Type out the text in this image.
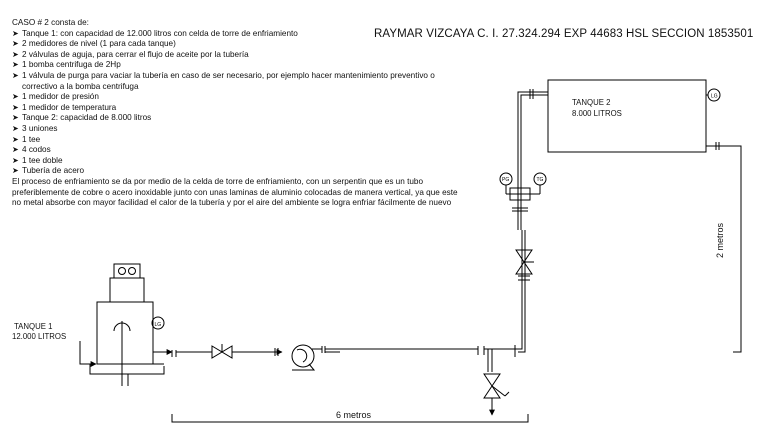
RAYMAR VIZCAYA C. I. 27.324.294 EXP 44683 HSL SECCION 1853501

CASO # 2 consta de:

➤ Tanque 1: con capacidad de 12.000 litros con celda de torre de enfriamiento
➤ 2 medidores de nivel (1 para cada tanque)
➤ 2 válvulas de aguja, para cerrar el flujo de aceite por la tubería
➤ 1 bomba centrifuga de 2Hp
➤ 1 válvula de purga para vaciar la tubería en caso de ser necesario, por ejemplo hacer mantenimiento preventivo o correctivo a la bomba centrifuga
➤ 1 medidor de presión
➤ 1 medidor de temperatura
➤ Tanque 2: capacidad de 8.000 litros
➤ 3 uniones
➤ 1 tee
➤ 4 codos
➤ 1 tee doble
➤ Tubería de acero

El proceso de enfriamiento se da por medio de la celda de torre de enfriamiento, con un serpentin que es un tubo preferiblemente de cobre o acero inoxidable junto con unas laminas de aluminio colocadas de manera vertical, ya que este no metal absorbe con mayor facilidad el calor de la tubería y por el aire del ambiente se logra enfriar fácilmente de nuevo

TANQUE 1
12.000 LITROS
TANQUE 2
8.000 LITROS
6 metros
2 metros
LG
LG
PG	TG
